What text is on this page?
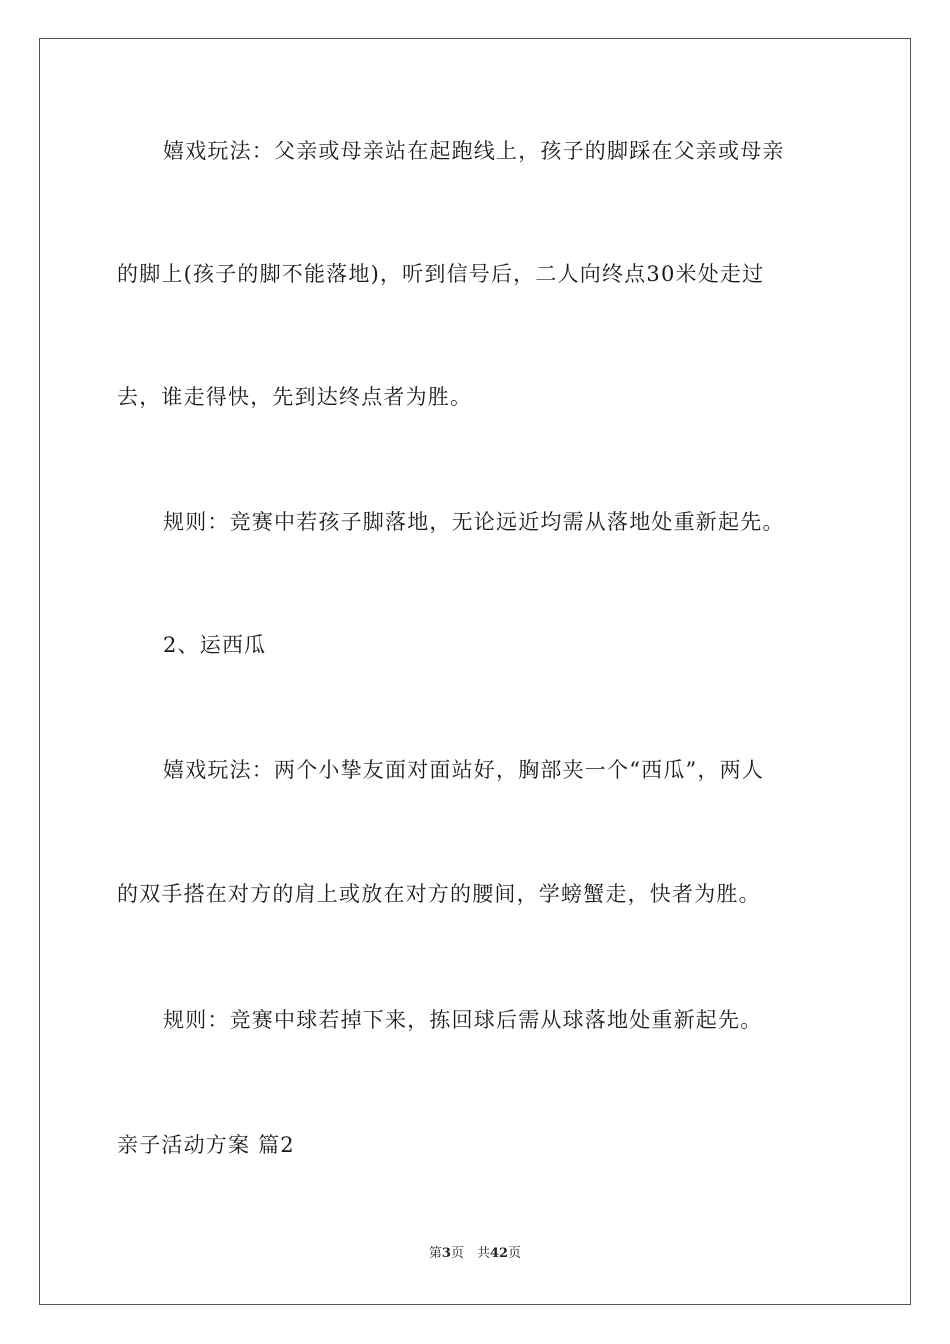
嬉戏玩法：父亲或母亲站在起跑线上，孩子的脚踩在父亲或母亲
的脚上(孩子的脚不能落地)，听到信号后，二人向终点30米处走过
去，谁走得快，先到达终点者为胜。
规则：竞赛中若孩子脚落地，无论远近均需从落地处重新起先。
2、运西瓜
嬉戏玩法：两个小挚友面对面站好，胸部夹一个“西瓜”，两人
的双手搭在对方的肩上或放在对方的腰间，学螃蟹走，快者为胜。
规则：竞赛中球若掉下来，拣回球后需从球落地处重新起先。
亲子活动方案 篇2
第3页　共42页
